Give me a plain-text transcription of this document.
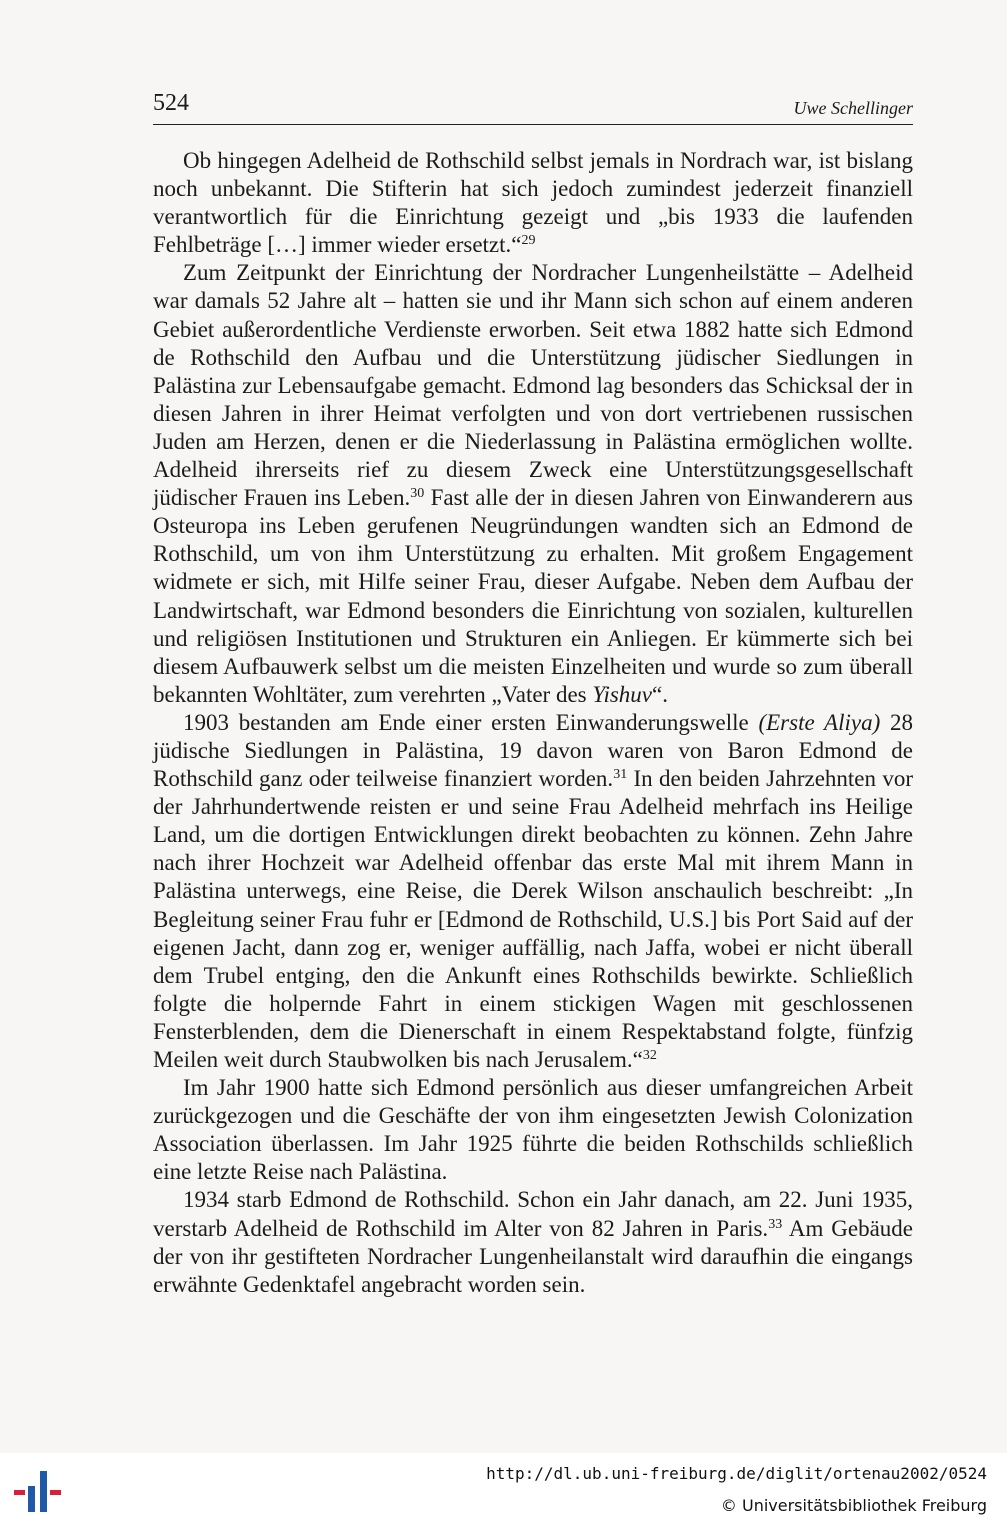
524	Uwe Schellinger

Ob hingegen Adelheid de Rothschild selbst jemals in Nordrach war, ist bislang noch unbekannt. Die Stifterin hat sich jedoch zumindest jederzeit finanziell verantwortlich für die Einrichtung gezeigt und „bis 1933 die laufenden Fehlbeträge […] immer wieder ersetzt.“$^{29}$

Zum Zeitpunkt der Einrichtung der Nordracher Lungenheilstätte – Adelheid war damals 52 Jahre alt – hatten sie und ihr Mann sich schon auf einem anderen Gebiet außerordentliche Verdienste erworben. Seit etwa 1882 hatte sich Edmond de Rothschild den Aufbau und die Unterstützung jüdischer Siedlungen in Palästina zur Lebensaufgabe gemacht. Edmond lag besonders das Schicksal der in diesen Jahren in ihrer Heimat verfolgten und von dort vertriebenen russischen Juden am Herzen, denen er die Niederlassung in Palästina ermöglichen wollte. Adelheid ihrerseits rief zu diesem Zweck eine Unterstützungsgesellschaft jüdischer Frauen ins Leben.$^{30}$ Fast alle der in diesen Jahren von Einwanderern aus Osteuropa ins Leben gerufenen Neugründungen wandten sich an Edmond de Rothschild, um von ihm Unterstützung zu erhalten. Mit großem Engagement widmete er sich, mit Hilfe seiner Frau, dieser Aufgabe. Neben dem Aufbau der Landwirtschaft, war Edmond besonders die Einrichtung von sozialen, kulturellen und religiösen Institutionen und Strukturen ein Anliegen. Er kümmerte sich bei diesem Aufbauwerk selbst um die meisten Einzelheiten und wurde so zum überall bekannten Wohltäter, zum verehrten „Vater des Yishuv“.

1903 bestanden am Ende einer ersten Einwanderungswelle (Erste Aliya) 28 jüdische Siedlungen in Palästina, 19 davon waren von Baron Edmond de Rothschild ganz oder teilweise finanziert worden.$^{31}$ In den beiden Jahrzehnten vor der Jahrhundertwende reisten er und seine Frau Adelheid mehrfach ins Heilige Land, um die dortigen Entwicklungen direkt beobachten zu können. Zehn Jahre nach ihrer Hochzeit war Adelheid offenbar das erste Mal mit ihrem Mann in Palästina unterwegs, eine Reise, die Derek Wilson anschaulich beschreibt: „In Begleitung seiner Frau fuhr er [Edmond de Rothschild, U.S.] bis Port Said auf der eigenen Jacht, dann zog er, weniger auffällig, nach Jaffa, wobei er nicht überall dem Trubel entging, den die Ankunft eines Rothschilds bewirkte. Schließlich folgte die holpernde Fahrt in einem stickigen Wagen mit geschlossenen Fensterblenden, dem die Dienerschaft in einem Respektabstand folgte, fünfzig Meilen weit durch Staubwolken bis nach Jerusalem.“$^{32}$

Im Jahr 1900 hatte sich Edmond persönlich aus dieser umfangreichen Arbeit zurückgezogen und die Geschäfte der von ihm eingesetzten Jewish Colonization Association überlassen. Im Jahr 1925 führte die beiden Rothschilds schließlich eine letzte Reise nach Palästina.

1934 starb Edmond de Rothschild. Schon ein Jahr danach, am 22. Juni 1935, verstarb Adelheid de Rothschild im Alter von 82 Jahren in Paris.$^{33}$ Am Gebäude der von ihr gestifteten Nordracher Lungenheilanstalt wird daraufhin die eingangs erwähnte Gedenktafel angebracht worden sein.

http://dl.ub.uni-freiburg.de/diglit/ortenau2002/0524
© Universitätsbibliothek Freiburg
